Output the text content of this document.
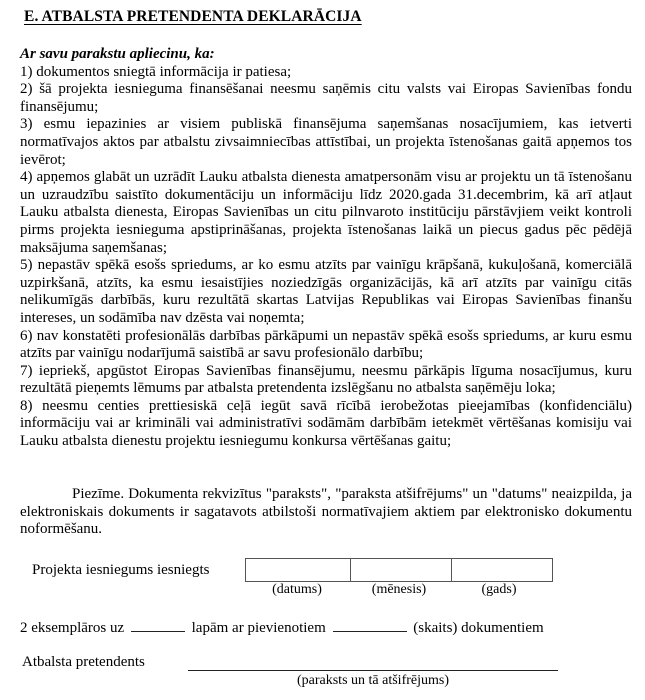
E. ATBALSTA PRETENDENTA DEKLARĀCIJA
Ar savu parakstu apliecinu, ka:

1) dokumentos sniegtā informācija ir patiesa;

2) šā projekta iesnieguma finansēšanai neesmu saņēmis citu valsts vai Eiropas Savienības fondu finansējumu;

3) esmu iepazinies ar visiem publiskā finansējuma saņemšanas nosacījumiem, kas ietverti normatīvajos aktos par atbalstu zivsaimniecības attīstībai, un projekta īstenošanas gaitā apņemos tos ievērot;

4) apņemos glabāt un uzrādīt Lauku atbalsta dienesta amatpersonām visu ar projektu un tā īstenošanu un uzraudzību saistīto dokumentāciju un informāciju līdz 2020.gada 31.decembrim, kā arī atļaut Lauku atbalsta dienesta, Eiropas Savienības un citu pilnvaroto institūciju pārstāvjiem veikt kontroli pirms projekta iesnieguma apstiprināšanas, projekta īstenošanas laikā un piecus gadus pēc pēdējā maksājuma saņemšanas;

5) nepastāv spēkā esošs spriedums, ar ko esmu atzīts par vainīgu krāpšanā, kukuļošanā, komerciālā uzpirkšanā, atzīts, ka esmu iesaistījies noziedzīgās organizācijās, kā arī atzīts par vainīgu citās nelikumīgās darbībās, kuru rezultātā skartas Latvijas Republikas vai Eiropas Savienības finanšu intereses, un sodāmība nav dzēsta vai noņemta;

6) nav konstatēti profesionālās darbības pārkāpumi un nepastāv spēkā esošs spriedums, ar kuru esmu atzīts par vainīgu nodarījumā saistībā ar savu profesionālo darbību;

7) iepriekš, apgūstot Eiropas Savienības finansējumu, neesmu pārkāpis līguma nosacījumus, kuru rezultātā pieņemts lēmums par atbalsta pretendenta izslēgšanu no atbalsta saņēmēju loka;

8) neesmu centies prettiesiskā ceļā iegūt savā rīcībā ierobežotas pieejamības (konfidenciālu) informāciju vai ar krimināli vai administratīvi sodāmām darbībām ietekmēt vērtēšanas komisiju vai Lauku atbalsta dienestu projektu iesniegumu konkursa vērtēšanas gaitu;

Piezīme. Dokumenta rekvizītus "paraksts", "paraksta atšifrējums" un "datums" neaizpilda, ja elektroniskais dokuments ir sagatavots atbilstoši normatīvajiem aktiem par elektronisko dokumentu noformēšanu.

Projekta iesniegums iesniegts

(datums)	(mēnesis)	(gads)
2 eksemplāros uz	lapām ar pievienotiem	(skaits) dokumentiem
Atbalsta pretendents
(paraksts un tā atšifrējums)
